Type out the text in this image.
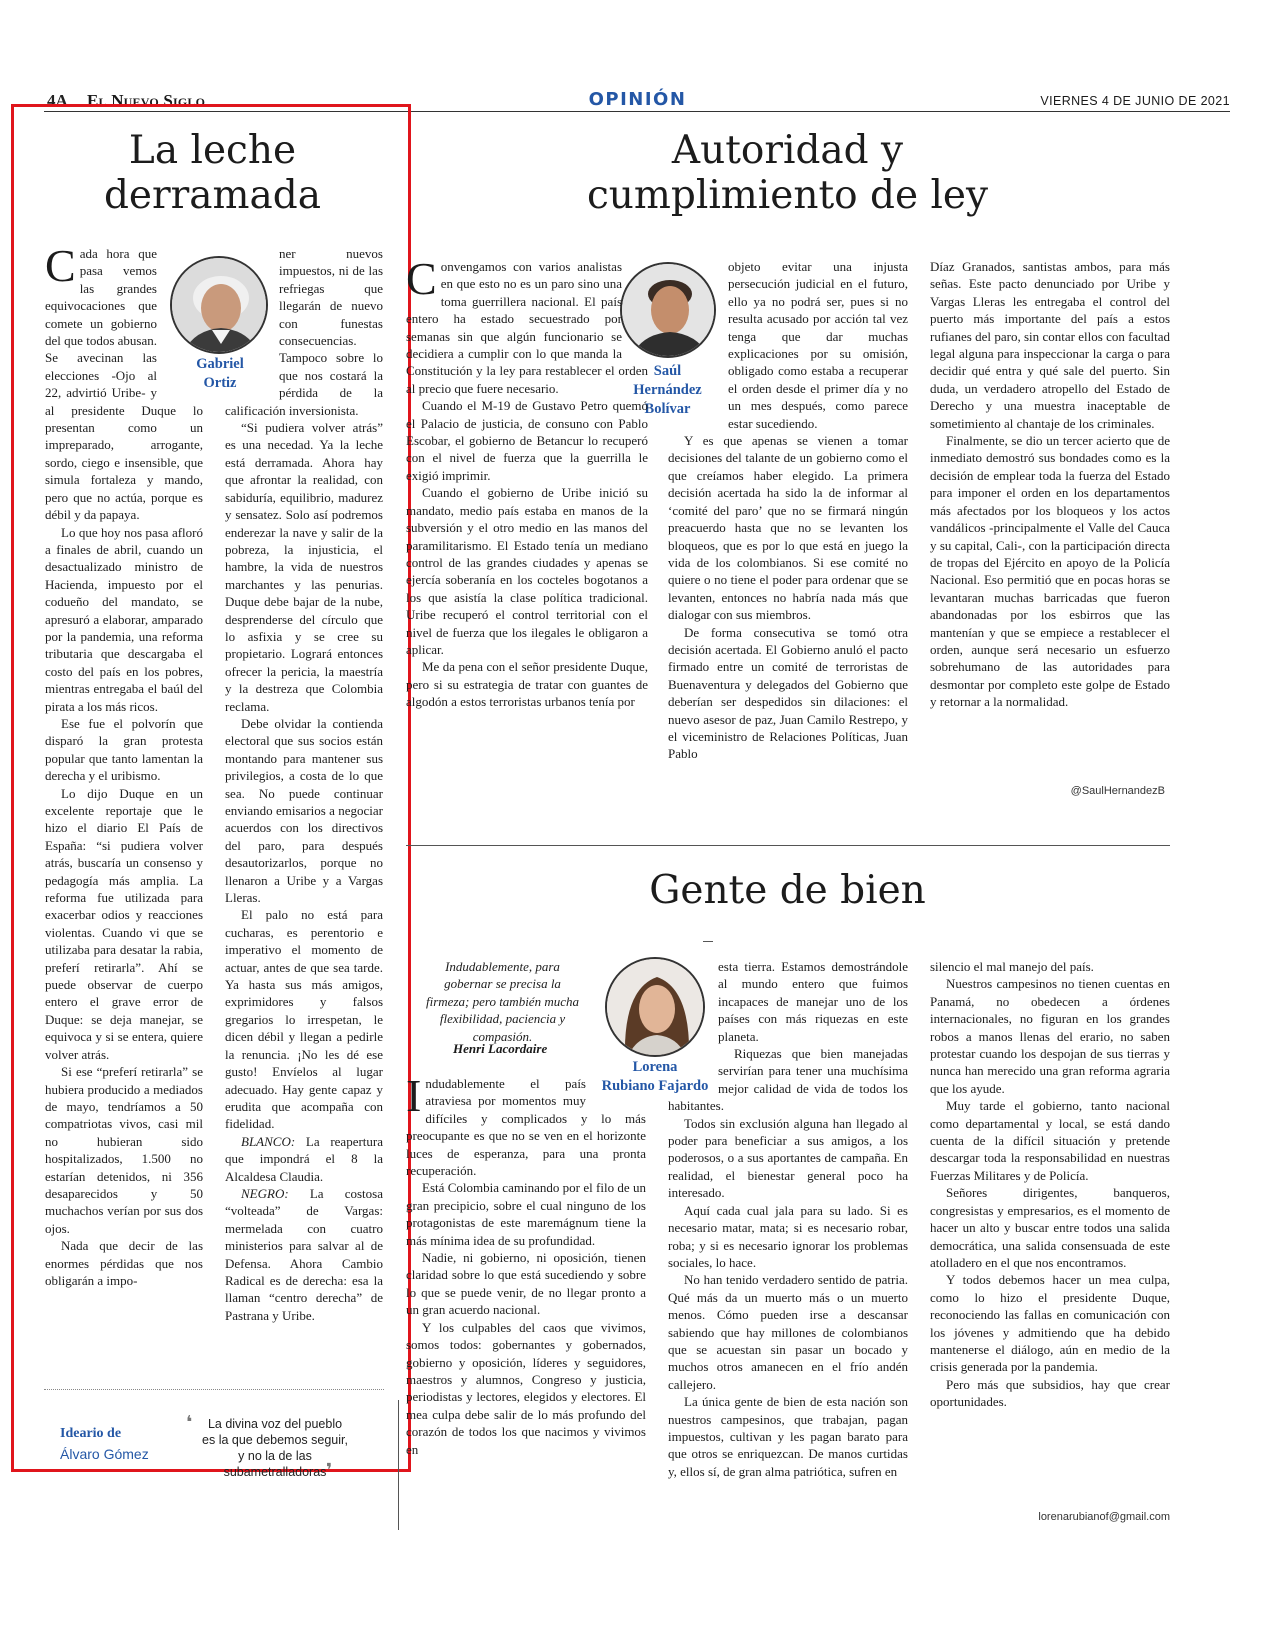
4A El Nuevo Siglo	OPINIÓN	VIERNES 4 DE JUNIO DE 2021
La leche
derramada
Gabriel
Ortiz

Cada hora que pasa vemos las grandes equivocaciones que comete un gobierno del que todos abusan. Se avecinan las elecciones -Ojo al 22, advirtió Uribe- y al presidente Duque lo presentan como un impreparado, arrogante, sordo, ciego e insensible, que simula fortaleza y mando, pero que no actúa, porque es débil y da papaya.

Lo que hoy nos pasa afloró a finales de abril, cuando un desactualizado ministro de Hacienda, impuesto por el codueño del mandato, se apresuró a elaborar, amparado por la pandemia, una reforma tributaria que descargaba el costo del país en los pobres, mientras entregaba el baúl del pirata a los más ricos.

Ese fue el polvorín que disparó la gran protesta popular que tanto lamentan la derecha y el uribismo.

Lo dijo Duque en un excelente reportaje que le hizo el diario El País de España: “si pudiera volver atrás, buscaría un consenso y pedagogía más amplia. La reforma fue utilizada para exacerbar odios y reacciones violentas. Cuando vi que se utilizaba para desatar la rabia, preferí retirarla”. Ahí se puede observar de cuerpo entero el grave error de Duque: se deja manejar, se equivoca y si se entera, quiere volver atrás.

Si ese “preferí retirarla” se hubiera producido a mediados de mayo, tendríamos a 50 compatriotas vivos, casi mil no hubieran sido hospitalizados, 1.500 no estarían detenidos, ni 356 desaparecidos y 50 muchachos verían por sus dos ojos.

Nada que decir de las enormes pérdidas que nos obligarán a impo-

ner nuevos impuestos, ni de las refriegas que llegarán de nuevo con funestas consecuencias. Tampoco sobre lo que nos costará la pérdida de la calificación inversionista.

“Si pudiera volver atrás” es una necedad. Ya la leche está derramada. Ahora hay que afrontar la realidad, con sabiduría, equilibrio, madurez y sensatez. Solo así podremos enderezar la nave y salir de la pobreza, la injusticia, el hambre, la vida de nuestros marchantes y las penurias. Duque debe bajar de la nube, desprenderse del círculo que lo asfixia y se cree su propietario. Logrará entonces ofrecer la pericia, la maestría y la destreza que Colombia reclama.

Debe olvidar la contienda electoral que sus socios están montando para mantener sus privilegios, a costa de lo que sea. No puede continuar enviando emisarios a negociar acuerdos con los directivos del paro, para después desautorizarlos, porque no llenaron a Uribe y a Vargas Lleras.

El palo no está para cucharas, es perentorio e imperativo el momento de actuar, antes de que sea tarde. Ya hasta sus más amigos, exprimidores y falsos gregarios lo irrespetan, le dicen débil y llegan a pedirle la renuncia. ¡No les dé ese gusto! Envíelos al lugar adecuado. Hay gente capaz y erudita que acompaña con fidelidad.

BLANCO: La reapertura que impondrá el 8 la Alcaldesa Claudia.

NEGRO: La costosa “volteada” de Vargas: mermelada con cuatro ministerios para salvar al de Defensa. Ahora Cambio Radical es de derecha: esa la llaman “centro derecha” de Pastrana y Uribe.

Autoridad y
cumplimiento de ley
Saúl
Hernández
Bolívar

Convengamos con varios analistas en que esto no es un paro sino una toma guerrillera nacional. El país entero ha estado secuestrado por semanas sin que algún funcionario se decidiera a cumplir con lo que manda la Constitución y la ley para restablecer el orden al precio que fuere necesario.

Cuando el M-19 de Gustavo Petro quemó el Palacio de justicia, de consuno con Pablo Escobar, el gobierno de Betancur lo recuperó con el nivel de fuerza que la guerrilla le exigió imprimir.

Cuando el gobierno de Uribe inició su mandato, medio país estaba en manos de la subversión y el otro medio en las manos del paramilitarismo. El Estado tenía un mediano control de las grandes ciudades y apenas se ejercía soberanía en los cocteles bogotanos a los que asistía la clase política tradicional. Uribe recuperó el control territorial con el nivel de fuerza que los ilegales le obligaron a aplicar.

Me da pena con el señor presidente Duque, pero si su estrategia de tratar con guantes de algodón a estos terroristas urbanos tenía por

objeto evitar una injusta persecución judicial en el futuro, ello ya no podrá ser, pues si no resulta acusado por acción tal vez tenga que dar muchas explicaciones por su omisión, obligado como estaba a recuperar el orden desde el primer día y no un mes después, como parece estar sucediendo.

Y es que apenas se vienen a tomar decisiones del talante de un gobierno como el que creíamos haber elegido. La primera decisión acertada ha sido la de informar al ‘comité del paro’ que no se firmará ningún preacuerdo hasta que no se levanten los bloqueos, que es por lo que está en juego la vida de los colombianos. Si ese comité no quiere o no tiene el poder para ordenar que se levanten, entonces no habría nada más que dialogar con sus miembros.

De forma consecutiva se tomó otra decisión acertada. El Gobierno anuló el pacto firmado entre un comité de terroristas de Buenaventura y delegados del Gobierno que deberían ser despedidos sin dilaciones: el nuevo asesor de paz, Juan Camilo Restrepo, y el viceministro de Relaciones Políticas, Juan Pablo

Díaz Granados, santistas ambos, para más señas. Este pacto denunciado por Uribe y Vargas Lleras les entregaba el control del puerto más importante del país a estos rufianes del paro, sin contar ellos con facultad legal alguna para inspeccionar la carga o para decidir qué entra y qué sale del puerto. Sin duda, un verdadero atropello del Estado de Derecho y una muestra inaceptable de sometimiento al chantaje de los criminales.

Finalmente, se dio un tercer acierto que de inmediato demostró sus bondades como es la decisión de emplear toda la fuerza del Estado para imponer el orden en los departamentos más afectados por los bloqueos y los actos vandálicos -principalmente el Valle del Cauca y su capital, Cali-, con la participación directa de tropas del Ejército en apoyo de la Policía Nacional. Eso permitió que en pocas horas se levantaran muchas barricadas que fueron abandonadas por los esbirros que las mantenían y que se empiece a restablecer el orden, aunque será necesario un esfuerzo sobrehumano de las autoridades para desmontar por completo este golpe de Estado y retornar a la normalidad.

@SaulHernandezB
Gente de bien
Indudablemente, para gobernar se precisa la firmeza; pero también mucha flexibilidad, paciencia y compasión.
Henri Lacordaire
Lorena
Rubiano Fajardo

Indudablemente el país atraviesa por momentos muy difíciles y complicados y lo más preocupante es que no se ven en el horizonte luces de esperanza, para una pronta recuperación.

Está Colombia caminando por el filo de un gran precipicio, sobre el cual ninguno de los protagonistas de este maremágnum tiene la más mínima idea de su profundidad.

Nadie, ni gobierno, ni oposición, tienen claridad sobre lo que está sucediendo y sobre lo que se puede venir, de no llegar pronto a un gran acuerdo nacional.

Y los culpables del caos que vivimos, somos todos: gobernantes y gobernados, gobierno y oposición, líderes y seguidores, maestros y alumnos, Congreso y justicia, periodistas y lectores, elegidos y electores. El mea culpa debe salir de lo más profundo del corazón de todos los que nacimos y vivimos en

esta tierra. Estamos demostrándole al mundo entero que fuimos incapaces de manejar uno de los países con más riquezas en este planeta.

Riquezas que bien manejadas servirían para tener una muchísima mejor calidad de vida de todos los habitantes.

Todos sin exclusión alguna han llegado al poder para beneficiar a sus amigos, a los poderosos, o a sus aportantes de campaña. En realidad, el bienestar general poco ha interesado.

Aquí cada cual jala para su lado. Si es necesario matar, mata; si es necesario robar, roba; y si es necesario ignorar los problemas sociales, lo hace.

No han tenido verdadero sentido de patria. Qué más da un muerto más o un muerto menos. Cómo pueden irse a descansar sabiendo que hay millones de colombianos que se acuestan sin pasar un bocado y muchos otros amanecen en el frío andén callejero.

La única gente de bien de esta nación son nuestros campesinos, que trabajan, pagan impuestos, cultivan y les pagan barato para que otros se enriquezcan. De manos curtidas y, ellos sí, de gran alma patriótica, sufren en

silencio el mal manejo del país.

Nuestros campesinos no tienen cuentas en Panamá, no obedecen a órdenes internacionales, no figuran en los grandes robos a manos llenas del erario, no saben protestar cuando los despojan de sus tierras y nunca han merecido una gran reforma agraria que los ayude.

Muy tarde el gobierno, tanto nacional como departamental y local, se está dando cuenta de la difícil situación y pretende descargar toda la responsabilidad en nuestras Fuerzas Militares y de Policía.

Señores dirigentes, banqueros, congresistas y empresarios, es el momento de hacer un alto y buscar entre todos una salida democrática, una salida consensuada de este atolladero en el que nos encontramos.

Y todos debemos hacer un mea culpa, como lo hizo el presidente Duque, reconociendo las fallas en comunicación con los jóvenes y admitiendo que ha debido mantenerse el diálogo, aún en medio de la crisis generada por la pandemia.

Pero más que subsidios, hay que crear oportunidades.

lorenarubianof@gmail.com
Ideario de
Álvaro Gómez
❛	La divina voz del pueblo
es la que debemos seguir,
y no la de las
subametralladoras ❜
